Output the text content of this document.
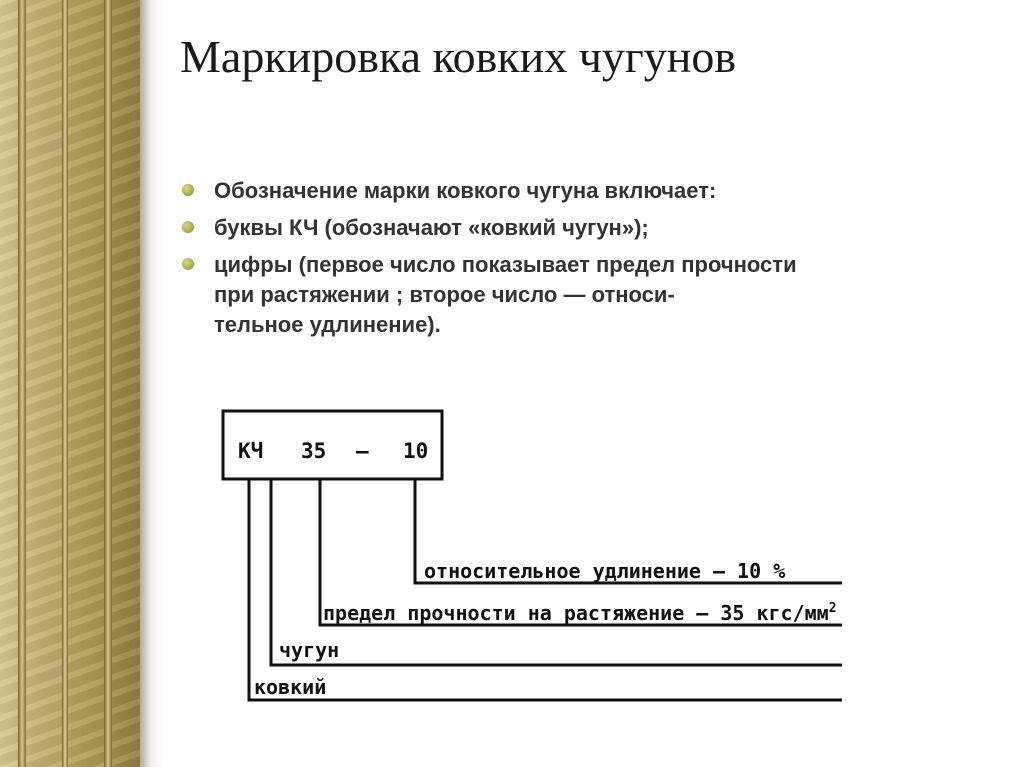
Маркировка ковких чугунов
Обозначение марки ковкого чугуна включает:
буквы КЧ (обозначают «ковкий чугун»);
цифры (первое число показывает предел прочности
при растяжении ; второе число — относи-
тельное удлинение).
КЧ 35 — 10
относительное удлинение — 10 %
предел прочности на растяжение — 35 кгс/$мм^2$
чугун
ковкий
